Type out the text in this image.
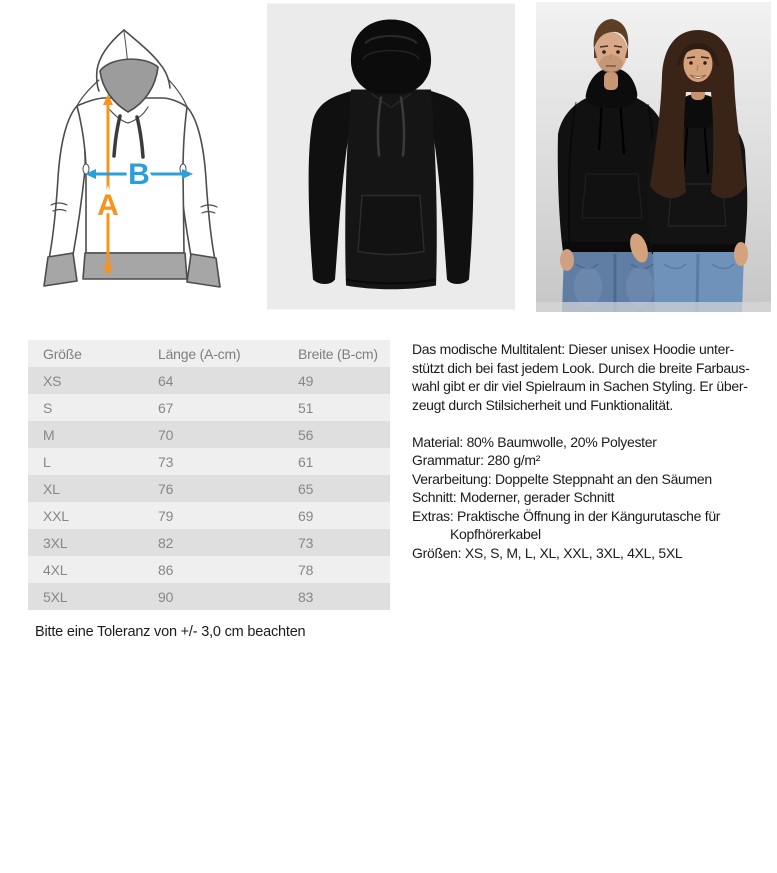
A
B
Größe	Länge (A-cm)	Breite (B-cm)
XS	64	49
S	67	51
M	70	56
L	73	61
XL	76	65
XXL	79	69
3XL	82	73
4XL	86	78
5XL	90	83
Bitte eine Toleranz von +/- 3,0 cm beachten
Das modische Multitalent: Dieser unisex Hoodie unter-
stützt dich bei fast jedem Look. Durch die breite Farbaus-
wahl gibt er dir viel Spielraum in Sachen Styling. Er über-
zeugt durch Stilsicherheit und Funktionalität.
Material: 80% Baumwolle, 20% Polyester
Grammatur: 280 g/m²
Verarbeitung: Doppelte Steppnaht an den Säumen
Schnitt: Moderner, gerader Schnitt
Extras: Praktische Öffnung in der Kängurutasche für
Kopfhörerkabel
Größen: XS, S, M, L, XL, XXL, 3XL, 4XL, 5XL
